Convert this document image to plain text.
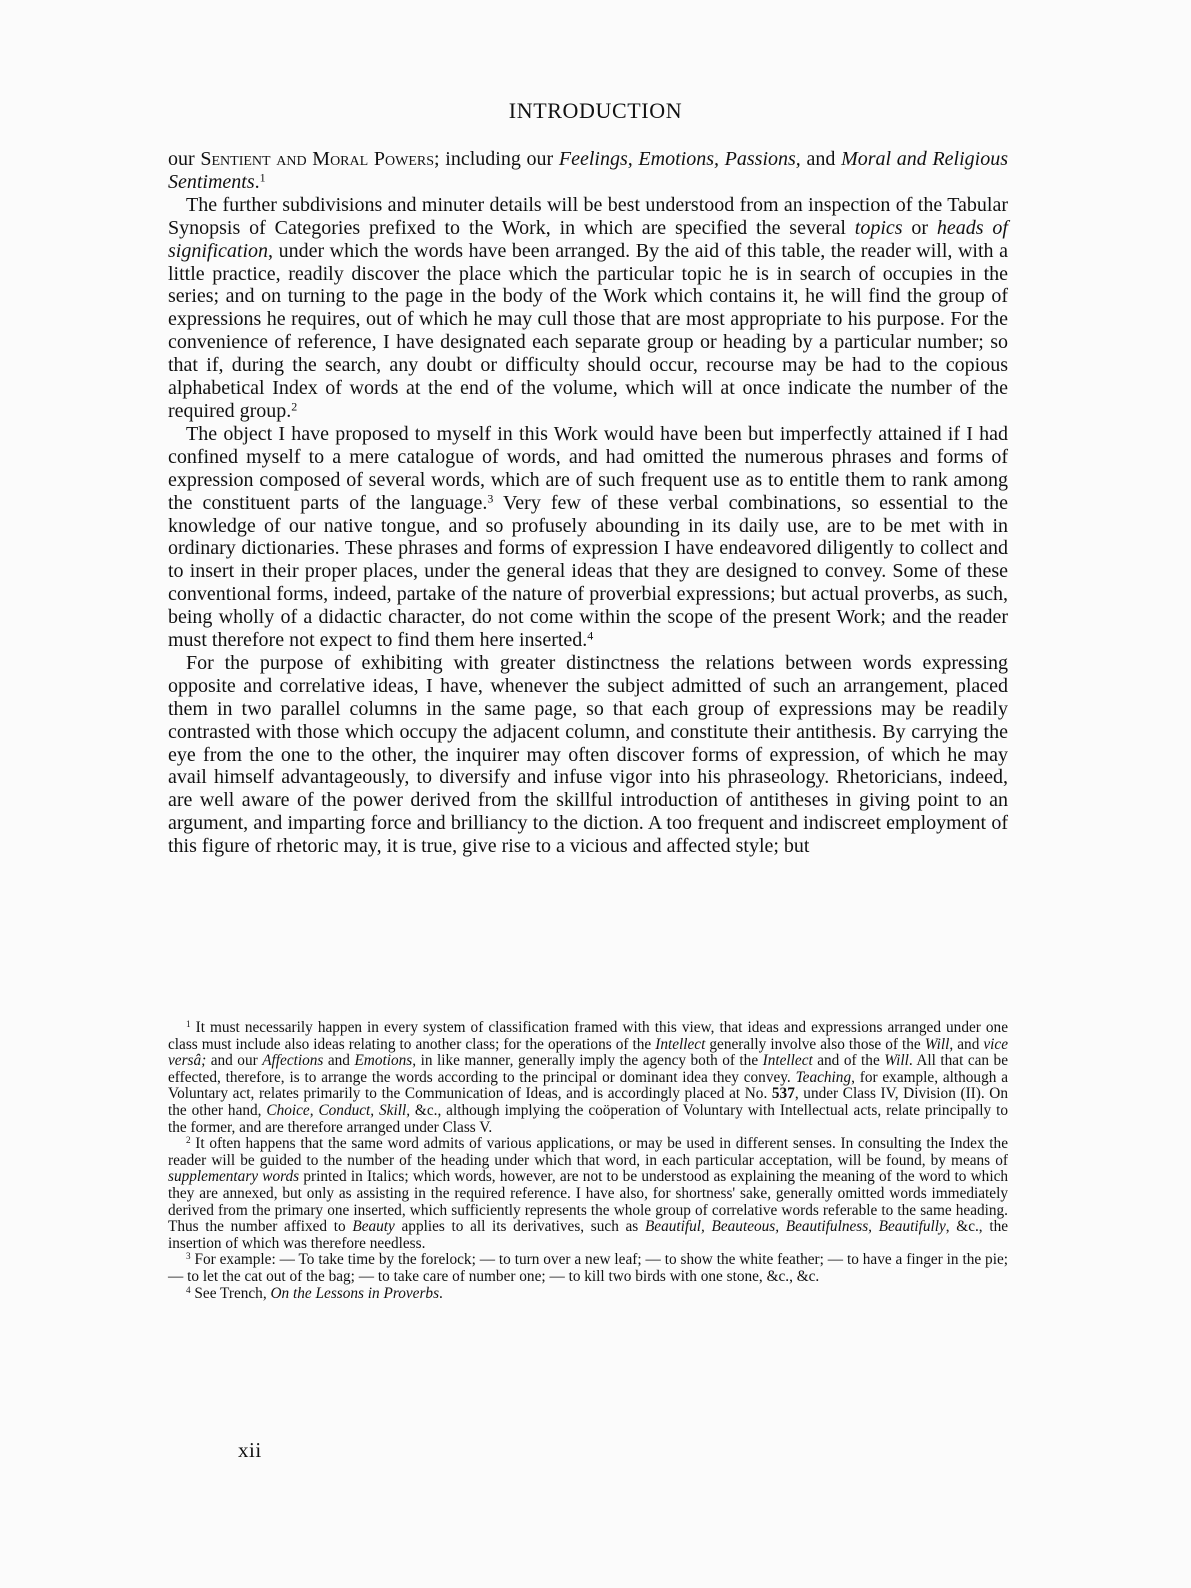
INTRODUCTION

our Sentient and Moral Powers; including our Feelings, Emotions, Passions, and Moral and Religious Sentiments.$^1$

The further subdivisions and minuter details will be best understood from an inspection of the Tabular Synopsis of Categories prefixed to the Work, in which are specified the several topics or heads of signification, under which the words have been arranged. By the aid of this table, the reader will, with a little practice, readily discover the place which the particular topic he is in search of occupies in the series; and on turning to the page in the body of the Work which contains it, he will find the group of expressions he requires, out of which he may cull those that are most appropriate to his purpose. For the convenience of reference, I have designated each separate group or heading by a particular number; so that if, during the search, any doubt or difficulty should occur, recourse may be had to the copious alphabetical Index of words at the end of the volume, which will at once indicate the number of the required group.$^2$

The object I have proposed to myself in this Work would have been but imperfectly attained if I had confined myself to a mere catalogue of words, and had omitted the numerous phrases and forms of expression composed of several words, which are of such frequent use as to entitle them to rank among the constituent parts of the language.$^3$ Very few of these verbal combinations, so essential to the knowledge of our native tongue, and so profusely abounding in its daily use, are to be met with in ordinary dictionaries. These phrases and forms of expression I have endeavored diligently to collect and to insert in their proper places, under the general ideas that they are designed to convey. Some of these conventional forms, indeed, partake of the nature of proverbial expressions; but actual proverbs, as such, being wholly of a didactic character, do not come within the scope of the present Work; and the reader must therefore not expect to find them here inserted.$^4$

For the purpose of exhibiting with greater distinctness the relations between words expressing opposite and correlative ideas, I have, whenever the subject admitted of such an arrangement, placed them in two parallel columns in the same page, so that each group of expressions may be readily contrasted with those which occupy the adjacent column, and constitute their antithesis. By carrying the eye from the one to the other, the inquirer may often discover forms of expression, of which he may avail himself advantageously, to diversify and infuse vigor into his phraseology. Rhetoricians, indeed, are well aware of the power derived from the skillful introduction of antitheses in giving point to an argument, and imparting force and brilliancy to the diction. A too frequent and indiscreet employment of this figure of rhetoric may, it is true, give rise to a vicious and affected style; but

$^1$ It must necessarily happen in every system of classification framed with this view, that ideas and expressions arranged under one class must include also ideas relating to another class; for the operations of the Intellect generally involve also those of the Will, and vice versâ; and our Affections and Emotions, in like manner, generally imply the agency both of the Intellect and of the Will. All that can be effected, therefore, is to arrange the words according to the principal or dominant idea they convey. Teaching, for example, although a Voluntary act, relates primarily to the Communication of Ideas, and is accordingly placed at No. 537, under Class IV, Division (II). On the other hand, Choice, Conduct, Skill, &c., although implying the coöperation of Voluntary with Intellectual acts, relate principally to the former, and are therefore arranged under Class V.

$^2$ It often happens that the same word admits of various applications, or may be used in different senses. In consulting the Index the reader will be guided to the number of the heading under which that word, in each particular acceptation, will be found, by means of supplementary words printed in Italics; which words, however, are not to be understood as explaining the meaning of the word to which they are annexed, but only as assisting in the required reference. I have also, for shortness' sake, generally omitted words immediately derived from the primary one inserted, which sufficiently represents the whole group of correlative words referable to the same heading. Thus the number affixed to Beauty applies to all its derivatives, such as Beautiful, Beauteous, Beautifulness, Beautifully, &c., the insertion of which was therefore needless.

$^3$ For example: — To take time by the forelock; — to turn over a new leaf; — to show the white feather; — to have a finger in the pie; — to let the cat out of the bag; — to take care of number one; — to kill two birds with one stone, &c., &c.

$^4$ See Trench, On the Lessons in Proverbs.

xii
